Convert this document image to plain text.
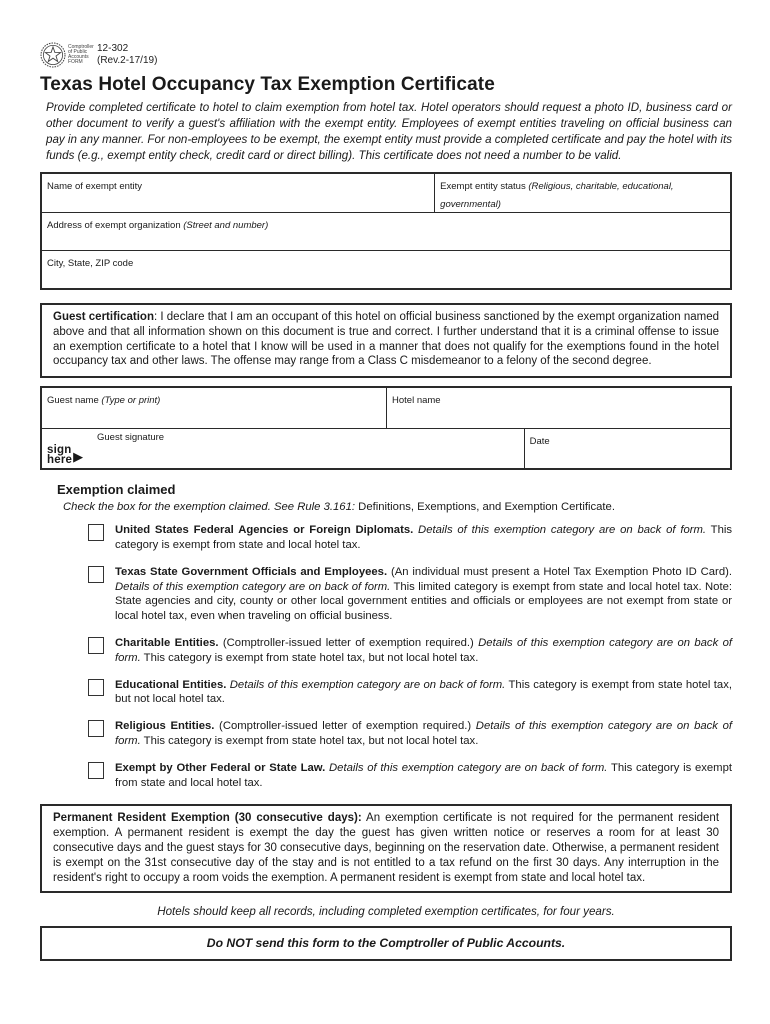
Comptroller
of Public
Accounts
FORM
12-302
(Rev.2-17/19)
Texas Hotel Occupancy Tax Exemption Certificate

Provide completed certificate to hotel to claim exemption from hotel tax. Hotel operators should request a photo ID, business card or other document to verify a guest's affiliation with the exempt entity. Employees of exempt entities traveling on official business can pay in any manner. For non-employees to be exempt, the exempt entity must provide a completed certificate and pay the hotel with its funds (e.g., exempt entity check, credit card or direct billing). This certificate does not need a number to be valid.

Name of exempt entity	Exempt entity status (Religious, charitable, educational, governmental)
Address of exempt organization (Street and number)
City, State, ZIP code

Guest certification: I declare that I am an occupant of this hotel on official business sanctioned by the exempt organization named above and that all information shown on this document is true and correct. I further understand that it is a criminal offense to issue an exemption certificate to a hotel that I know will be used in a manner that does not qualify for the exemptions found in the hotel occupancy tax and other laws. The offense may range from a Class C misdemeanor to a felony of the second degree.

Guest name (Type or print)	Hotel name
Guest signature
sign
here ▶
Date
Exemption claimed

Check the box for the exemption claimed. See Rule 3.161: Definitions, Exemptions, and Exemption Certificate.

United States Federal Agencies or Foreign Diplomats. Details of this exemption category are on back of form. This category is exempt from state and local hotel tax.

Texas State Government Officials and Employees. (An individual must present a Hotel Tax Exemption Photo ID Card). Details of this exemption category are on back of form. This limited category is exempt from state and local hotel tax. Note: State agencies and city, county or other local government entities and officials or employees are not exempt from state or local hotel tax, even when traveling on official business.

Charitable Entities. (Comptroller-issued letter of exemption required.) Details of this exemption category are on back of form. This category is exempt from state hotel tax, but not local hotel tax.

Educational Entities. Details of this exemption category are on back of form. This category is exempt from state hotel tax, but not local hotel tax.

Religious Entities. (Comptroller-issued letter of exemption required.) Details of this exemption category are on back of form. This category is exempt from state hotel tax, but not local hotel tax.

Exempt by Other Federal or State Law. Details of this exemption category are on back of form. This category is exempt from state and local hotel tax.

Permanent Resident Exemption (30 consecutive days): An exemption certificate is not required for the permanent resident exemption. A permanent resident is exempt the day the guest has given written notice or reserves a room for at least 30 consecutive days and the guest stays for 30 consecutive days, beginning on the reservation date. Otherwise, a permanent resident is exempt on the 31st consecutive day of the stay and is not entitled to a tax refund on the first 30 days. Any interruption in the resident's right to occupy a room voids the exemption. A permanent resident is exempt from state and local hotel tax.

Hotels should keep all records, including completed exemption certificates, for four years.

Do NOT send this form to the Comptroller of Public Accounts.
